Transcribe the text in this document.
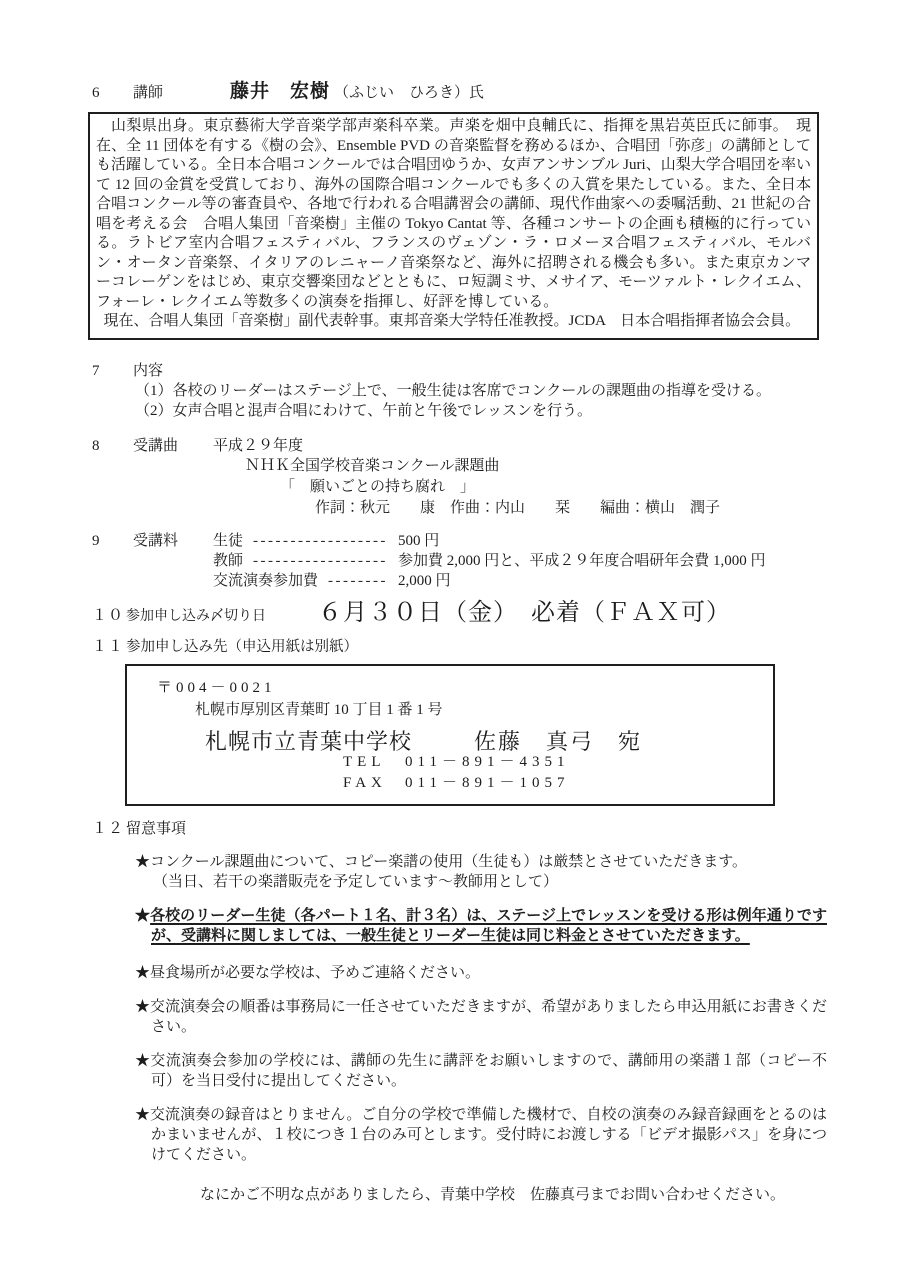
6	講師	藤井　宏樹 （ふじい　ひろき）氏

山梨県出身。東京藝術大学音楽学部声楽科卒業。声楽を畑中良輔氏に、指揮を黒岩英臣氏に師事。　現在、全 11 団体を有する《樹の会》、Ensemble PVD の音楽監督を務めるほか、合唱団「弥彦」の講師としても活躍している。全日本合唱コンクールでは合唱団ゆうか、女声アンサンブル Juri、山梨大学合唱団を率いて 12 回の金賞を受賞しており、海外の国際合唱コンクールでも多くの入賞を果たしている。また、全日本合唱コンクール等の審査員や、各地で行われる合唱講習会の講師、現代作曲家への委嘱活動、21 世紀の合唱を考える会　合唱人集団「音楽樹」主催の Tokyo Cantat 等、各種コンサートの企画も積極的に行っている。ラトビア室内合唱フェスティバル、フランスのヴェゾン・ラ・ロメーヌ合唱フェスティバル、モルバン・オータン音楽祭、イタリアのレニャーノ音楽祭など、海外に招聘される機会も多い。また東京カンマーコレーゲンをはじめ、東京交響楽団などとともに、ロ短調ミサ、メサイア、モーツァルト・レクイエム、フォーレ・レクイエム等数多くの演奏を指揮し、好評を博している。

現在、合唱人集団「音楽樹」副代表幹事。東邦音楽大学特任准教授。JCDA　日本合唱指揮者協会会員。

7	内容
（1）各校のリーダーはステージ上で、一般生徒は客席でコンクールの課題曲の指導を受ける。
（2）女声合唱と混声合唱にわけて、午前と午後でレッスンを行う。
8	受講曲	平成２９年度
ＮＨＫ全国学校音楽コンクール課題曲
「　願いごとの持ち腐れ　」
作詞：秋元　　康　作曲：内山　　栞　　編曲：横山　潤子
9	受講料	生徒 ------------------ 500 円
教師 ------------------ 参加費 2,000 円と、平成２９年度合唱研年会費 1,000 円
交流演奏参加費 -------- 2,000 円
１０ 参加申し込み〆切り日 ６月３０日（金）　必着（ＦＡＸ可）
１１ 参加申し込み先（申込用紙は別紙）
〒004－0021
札幌市厚別区青葉町 10 丁目 1 番 1 号
札幌市立青葉中学校	佐藤　真弓　宛
TEL	011－891－4351
FAX	011－891－1057
１２ 留意事項
★コンクール課題曲について、コピー楽譜の使用（生徒も）は厳禁とさせていただきます。
（当日、若干の楽譜販売を予定しています～教師用として）
★各校のリーダー生徒（各パート１名、計３名）は、ステージ上でレッスンを受ける形は例年通りですが、受講料に関しましては、一般生徒とリーダー生徒は同じ料金とさせていただきます。
★昼食場所が必要な学校は、予めご連絡ください。
★交流演奏会の順番は事務局に一任させていただきますが、希望がありましたら申込用紙にお書きください。
★交流演奏会参加の学校には、講師の先生に講評をお願いしますので、講師用の楽譜１部（コピー不可）を当日受付に提出してください。
★交流演奏の録音はとりません。ご自分の学校で準備した機材で、自校の演奏のみ録音録画をとるのはかまいませんが、１校につき１台のみ可とします。受付時にお渡しする「ビデオ撮影パス」を身につけてください。
なにかご不明な点がありましたら、青葉中学校　佐藤真弓までお問い合わせください。
